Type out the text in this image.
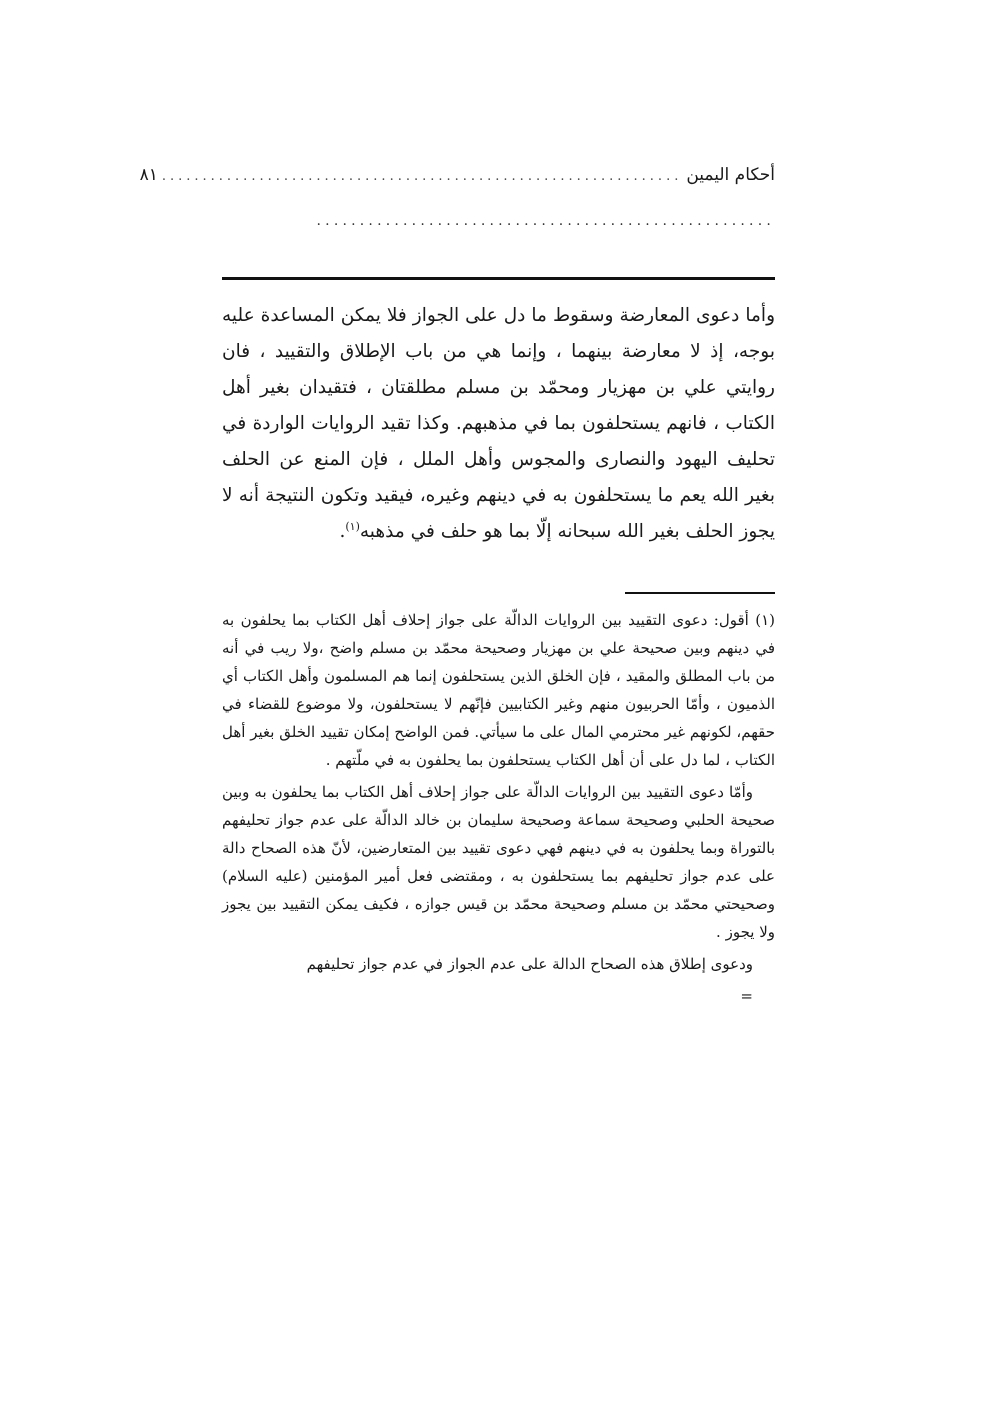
أحكام اليمين
................................................................
٨١
.....................................................

وأما دعوى المعارضة وسقوط ما دل على الجواز فلا يمكن المساعدة عليه بوجه، إذ لا معارضة بينهما ، وإنما هي من باب الإطلاق والتقييد ، فان روايتي علي بن مهزيار ومحمّد بن مسلم مطلقتان ، فتقيدان بغير أهل الكتاب ، فانهم يستحلفون بما في مذهبهم. وكذا تقيد الروايات الواردة في تحليف اليهود والنصارى والمجوس وأهل الملل ، فإن المنع عن الحلف بغير الله يعم ما يستحلفون به في دينهم وغيره، فيقيد وتكون النتيجة أنه لا يجوز الحلف بغير الله سبحانه إلّا بما هو حلف في مذهبه$^{(١)}$.

(١) أقول: دعوى التقييد بين الروايات الدالّة على جواز إحلاف أهل الكتاب بما يحلفون به في دينهم وبين صحيحة علي بن مهزيار وصحيحة محمّد بن مسلم واضح ،ولا ريب في أنه من باب المطلق والمقيد ، فإن الخلق الذين يستحلفون إنما هم المسلمون وأهل الكتاب أي الذميون ، وأمّا الحربيون منهم وغير الكتابيين فإنّهم لا يستحلفون، ولا موضوع للقضاء في حقهم، لكونهم غير محترمي المال على ما سيأتي. فمن الواضح إمكان تقييد الخلق بغير أهل الكتاب ، لما دل على أن أهل الكتاب يستحلفون بما يحلفون به في ملّتهم .

وأمّا دعوى التقييد بين الروايات الدالّة على جواز إحلاف أهل الكتاب بما يحلفون به وبين صحيحة الحلبي وصحيحة سماعة وصحيحة سليمان بن خالد الدالّة على عدم جواز تحليفهم بالتوراة وبما يحلفون به في دينهم فهي دعوى تقييد بين المتعارضين، لأنّ هذه الصحاح دالة على عدم جواز تحليفهم بما يستحلفون به ، ومقتضى فعل أمير المؤمنين (عليه السلام) وصحيحتي محمّد بن مسلم وصحيحة محمّد بن قيس جوازه ، فكيف يمكن التقييد بين يجوز ولا يجوز .

ودعوى إطلاق هذه الصحاح الدالة على عدم الجواز في عدم جواز تحليفهم

=
